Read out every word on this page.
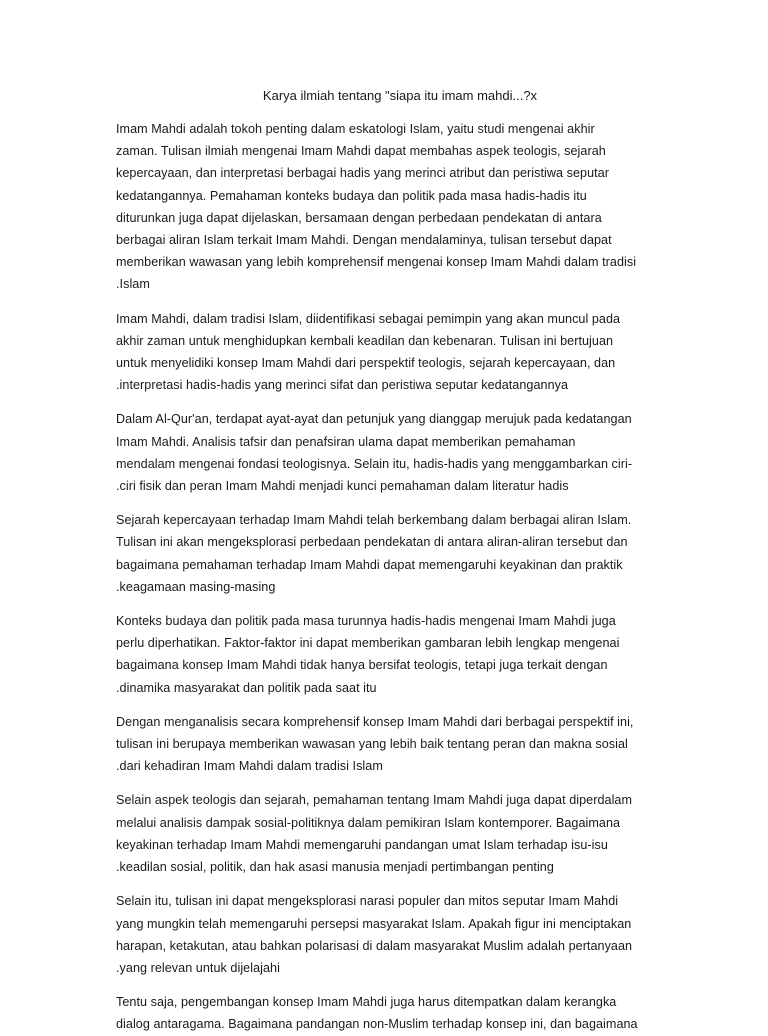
Karya ilmiah tentang "siapa itu imam mahdi...?x
Imam Mahdi adalah tokoh penting dalam eskatologi Islam, yaitu studi mengenai akhir
zaman. Tulisan ilmiah mengenai Imam Mahdi dapat membahas aspek teologis, sejarah
kepercayaan, dan interpretasi berbagai hadis yang merinci atribut dan peristiwa seputar
kedatangannya. Pemahaman konteks budaya dan politik pada masa hadis-hadis itu
diturunkan juga dapat dijelaskan, bersamaan dengan perbedaan pendekatan di antara
berbagai aliran Islam terkait Imam Mahdi. Dengan mendalaminya, tulisan tersebut dapat
memberikan wawasan yang lebih komprehensif mengenai konsep Imam Mahdi dalam tradisi
.Islam
Imam Mahdi, dalam tradisi Islam, diidentifikasi sebagai pemimpin yang akan muncul pada
akhir zaman untuk menghidupkan kembali keadilan dan kebenaran. Tulisan ini bertujuan
untuk menyelidiki konsep Imam Mahdi dari perspektif teologis, sejarah kepercayaan, dan
.interpretasi hadis-hadis yang merinci sifat dan peristiwa seputar kedatangannya
Dalam Al-Qur'an, terdapat ayat-ayat dan petunjuk yang dianggap merujuk pada kedatangan
Imam Mahdi. Analisis tafsir dan penafsiran ulama dapat memberikan pemahaman
mendalam mengenai fondasi teologisnya. Selain itu, hadis-hadis yang menggambarkan ciri-
.ciri fisik dan peran Imam Mahdi menjadi kunci pemahaman dalam literatur hadis
Sejarah kepercayaan terhadap Imam Mahdi telah berkembang dalam berbagai aliran Islam.
Tulisan ini akan mengeksplorasi perbedaan pendekatan di antara aliran-aliran tersebut dan
bagaimana pemahaman terhadap Imam Mahdi dapat memengaruhi keyakinan dan praktik
.keagamaan masing-masing
Konteks budaya dan politik pada masa turunnya hadis-hadis mengenai Imam Mahdi juga
perlu diperhatikan. Faktor-faktor ini dapat memberikan gambaran lebih lengkap mengenai
bagaimana konsep Imam Mahdi tidak hanya bersifat teologis, tetapi juga terkait dengan
.dinamika masyarakat dan politik pada saat itu
Dengan menganalisis secara komprehensif konsep Imam Mahdi dari berbagai perspektif ini,
tulisan ini berupaya memberikan wawasan yang lebih baik tentang peran dan makna sosial
.dari kehadiran Imam Mahdi dalam tradisi Islam
Selain aspek teologis dan sejarah, pemahaman tentang Imam Mahdi juga dapat diperdalam
melalui analisis dampak sosial-politiknya dalam pemikiran Islam kontemporer. Bagaimana
keyakinan terhadap Imam Mahdi memengaruhi pandangan umat Islam terhadap isu-isu
.keadilan sosial, politik, dan hak asasi manusia menjadi pertimbangan penting
Selain itu, tulisan ini dapat mengeksplorasi narasi populer dan mitos seputar Imam Mahdi
yang mungkin telah memengaruhi persepsi masyarakat Islam. Apakah figur ini menciptakan
harapan, ketakutan, atau bahkan polarisasi di dalam masyarakat Muslim adalah pertanyaan
.yang relevan untuk dijelajahi
Tentu saja, pengembangan konsep Imam Mahdi juga harus ditempatkan dalam kerangka
dialog antaragama. Bagaimana pandangan non-Muslim terhadap konsep ini, dan bagaimana
